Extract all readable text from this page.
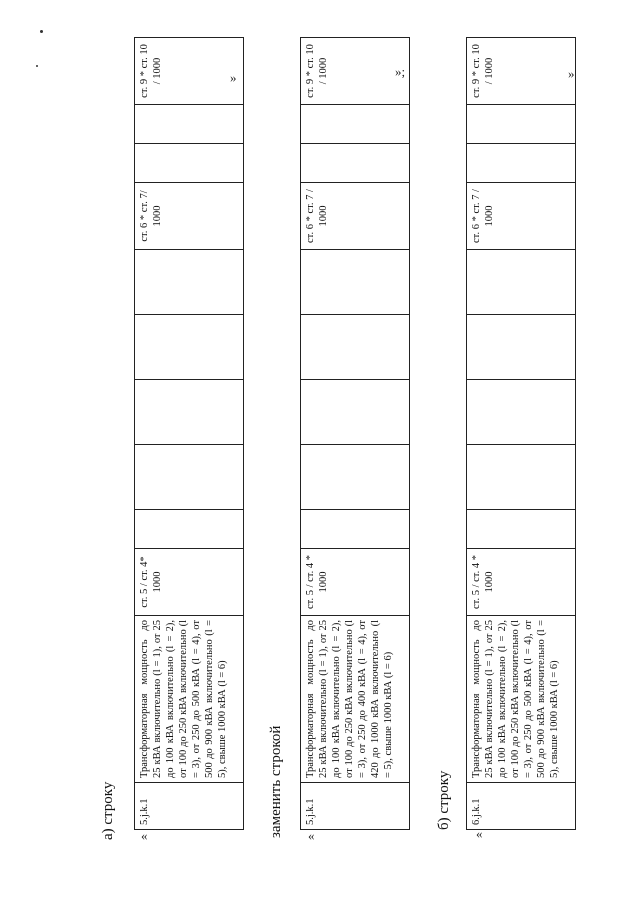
а) строку «
»
5.j.k.1	Трансформаторная мощность до 25 кВА включительно (l = 1), от 25 до 100 кВА включительно (l = 2), от 100 до 250 кВА включительно (l = 3), от 250 до 500 кВА (l = 4), от 500 до 900 кВА включительно (l = 5), свыше 1000 кВА (l = 6)	ст. 5 / ст. 4* 1000						ст. 6 * ст. 7/ 1000			ст. 9 * ст. 10 / 1000
заменить строкой «
»;
5.j.k.1	Трансформаторная мощность до 25 кВА включительно (l = 1), от 25 до 100 кВА включительно (l = 2), от 100 до 250 кВА включительно (l = 3), от 250 до 400 кВА (l = 4), от 420 до 1000 кВА включительно (l = 5), свыше 1000 кВА (l = 6)	ст. 5 / ст. 4 * 1000						ст. 6 * ст. 7 / 1000			ст. 9 * ст. 10 / 1000
б) строку
«
»
6.j.k.1	Трансформаторная мощность до 25 кВА включительно (l = 1), от 25 до 100 кВА включительно (l = 2), от 100 до 250 кВА включительно (l = 3), от 250 до 500 кВА (l = 4), от 500 до 900 кВА включительно (l = 5), свыше 1000 кВА (l = 6)	ст. 5 / ст. 4 * 1000						ст. 6 * ст. 7 / 1000			ст. 9 * ст. 10 / 1000
